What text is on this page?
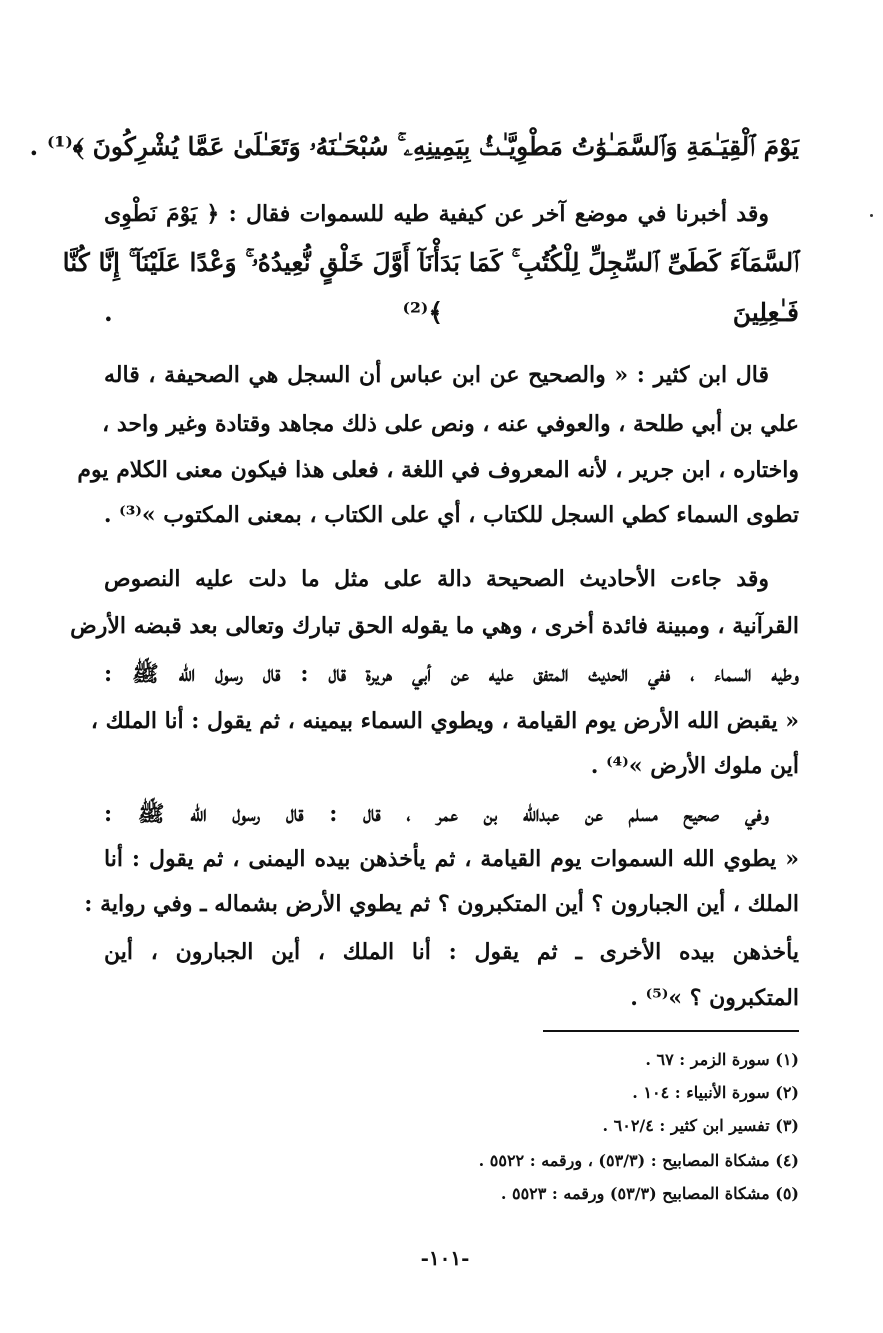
يَوْمَ ٱلْقِيَـٰمَةِ وَٱلسَّمَـٰوَٰتُ مَطْوِيَّـٰتُۢ بِيَمِينِهِۦ ۚ سُبْحَـٰنَهُۥ وَتَعَـٰلَىٰ عَمَّا يُشْرِكُونَ ﴾⁽¹⁾ .
وقد أخبرنا في موضع آخر عن كيفية طيه للسموات فقال : ﴿ يَوْمَ نَطْوِى
ٱلسَّمَآءَ كَطَىِّ ٱلسِّجِلِّ لِلْكُتُبِ ۚ كَمَا بَدَأْنَآ أَوَّلَ خَلْقٍ نُّعِيدُهُۥ ۚ وَعْدًا عَلَيْنَآ ۚ إِنَّا كُنَّا
فَـٰعِلِينَ ﴾⁽²⁾ .
قال ابن كثير : « والصحيح عن ابن عباس أن السجل هي الصحيفة ، قاله
علي بن أبي طلحة ، والعوفي عنه ، ونص على ذلك مجاهد وقتادة وغير واحد ،
واختاره ، ابن جرير ، لأنه المعروف في اللغة ، فعلى هذا فيكون معنى الكلام يوم
تطوى السماء كطي السجل للكتاب ، أي على الكتاب ، بمعنى المكتوب »⁽³⁾ .
وقد جاءت الأحاديث الصحيحة دالة على مثل ما دلت عليه النصوص
القرآنية ، ومبينة فائدة أخرى ، وهي ما يقوله الحق تبارك وتعالى بعد قبضه الأرض
وطيه السماء ، ففي الحديث المتفق عليه عن أبي هريرة قال : قال رسول الله ﷺ :
« يقبض الله الأرض يوم القيامة ، ويطوي السماء بيمينه ، ثم يقول : أنا الملك ،
أين ملوك الأرض »⁽⁴⁾ .
وفي صحيح مسلم عن عبدالله بن عمر ، قال : قال رسول الله ﷺ :
« يطوي الله السموات يوم القيامة ، ثم يأخذهن بيده اليمنى ، ثم يقول : أنا
الملك ، أين الجبارون ؟ أين المتكبرون ؟ ثم يطوي الأرض بشماله ـ وفي رواية :
يأخذهن بيده الأخرى ـ ثم يقول : أنا الملك ، أين الجبارون ، أين
المتكبرون ؟ »⁽⁵⁾ .
(١) سورة الزمر : ٦٧ .
(٢) سورة الأنبياء : ١٠٤ .
(٣) تفسير ابن كثير : ٦٠٢/٤ .
(٤) مشكاة المصابيح : (٥٣/٣) ، ورقمه : ٥٥٢٢ .
(٥) مشكاة المصابيح (٥٣/٣) ورقمه : ٥٥٢٣ .
-١٠١-
